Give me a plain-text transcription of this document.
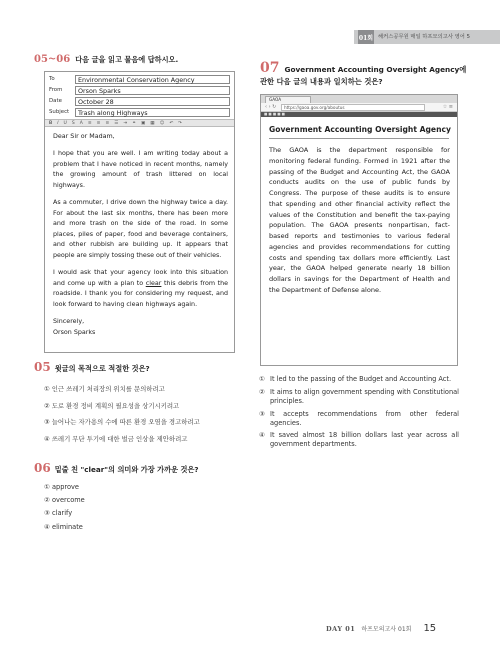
01회 해커스공무원 매일 하프모의고사 영어 5
05~06 다음 글을 읽고 물음에 답하시오.
To	Environmental Conservation Agency
From	Orson Sparks
Date	October 28
Subject	Trash along Highways
𝐁 𝐼 U S A ≡ ≡ ≡ ☰ ⇥ ⚭ ▣ ▦ ☺ ↶ ↷

Dear Sir or Madam,

I hope that you are well. I am writing today about a problem that I have noticed in recent months, namely the growing amount of trash littered on local highways.

As a commuter, I drive down the highway twice a day. For about the last six months, there has been more and more trash on the side of the road. In some places, piles of paper, food and beverage containers, and other rubbish are building up. It appears that people are simply tossing these out of their vehicles.

I would ask that your agency look into this situation and come up with a plan to clear this debris from the roadside. I thank you for considering my request, and look forward to having clean highways again.

Sincerely,
Orson Sparks

05 윗글의 목적으로 적절한 것은?
① 인근 쓰레기 처리장의 위치를 문의하려고
② 도로 환경 정비 계획의 필요성을 상기시키려고
③ 늘어나는 자가용의 수에 따른 환경 오염을 경고하려고
④ 쓰레기 무단 투기에 대한 벌금 인상을 제안하려고
06 밑줄 친 "clear"의 의미와 가장 가까운 것은?
① approve
② overcome
③ clarify
④ eliminate
07 Government Accounting Oversight Agency에
관한 다음 글의 내용과 일치하는 것은?
GAOA
‹ › ↻	https://gaoa.gov.org/aboutus	☆ ≡
■ ■ ■ ■ ■
Government Accounting Oversight Agency
The GAOA is the department responsible for monitoring federal funding. Formed in 1921 after the passing of the Budget and Accounting Act, the GAOA conducts audits on the use of public funds by Congress. The purpose of these audits is to ensure that spending and other financial activity reflect the values of the Constitution and benefit the tax-paying population. The GAOA presents nonpartisan, fact-based reports and testimonies to various federal agencies and provides recommendations for cutting costs and spending tax dollars more efficiently. Last year, the GAOA helped generate nearly 18 billion dollars in savings for the Department of Health and the Department of Defense alone.
① It led to the passing of the Budget and Accounting Act.
② It aims to align government spending with Constitutional principles.
③ It accepts recommendations from other federal agencies.
④ It saved almost 18 billion dollars last year across all government departments.
DAY 01 하프모의고사 01회 15
